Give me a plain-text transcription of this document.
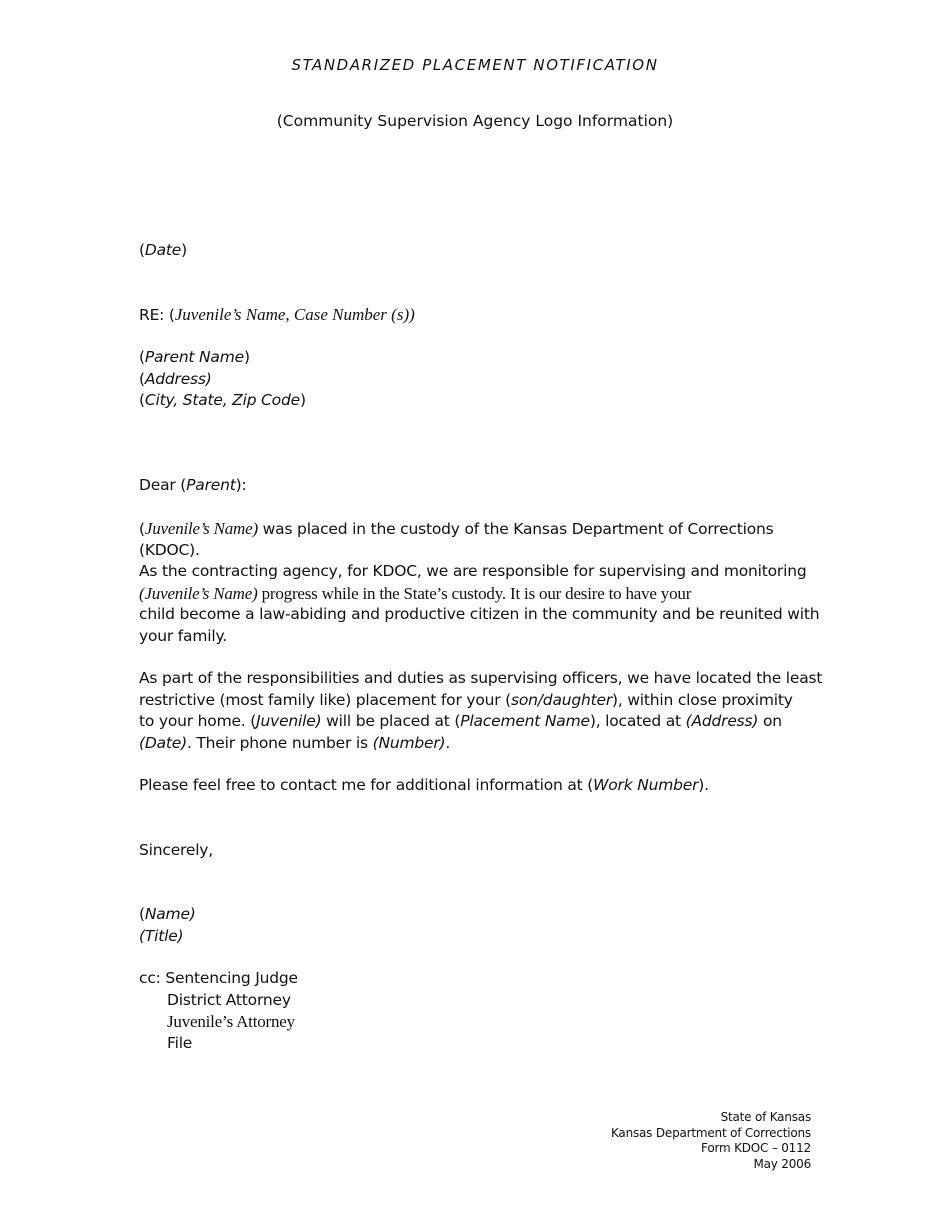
STANDARIZED PLACEMENT NOTIFICATION
(Community Supervision Agency Logo Information)
(Date)
RE: (Juvenile’s Name, Case Number (s))
(Parent Name)
(Address)
(City, State, Zip Code)
Dear (Parent):
(Juvenile’s Name) was placed in the custody of the Kansas Department of Corrections
(KDOC).
As the contracting agency, for KDOC, we are responsible for supervising and monitoring
(Juvenile’s Name) progress while in the State’s custody. It is our desire to have your
child become a law-abiding and productive citizen in the community and be reunited with
your family.
As part of the responsibilities and duties as supervising officers, we have located the least
restrictive (most family like) placement for your (son/daughter), within close proximity
to your home. (Juvenile) will be placed at (Placement Name), located at (Address) on
(Date). Their phone number is (Number).
Please feel free to contact me for additional information at (Work Number).
Sincerely,
(Name)
(Title)
cc: Sentencing Judge
District Attorney
Juvenile’s Attorney
File
State of Kansas
Kansas Department of Corrections
Form KDOC – 0112
May 2006
